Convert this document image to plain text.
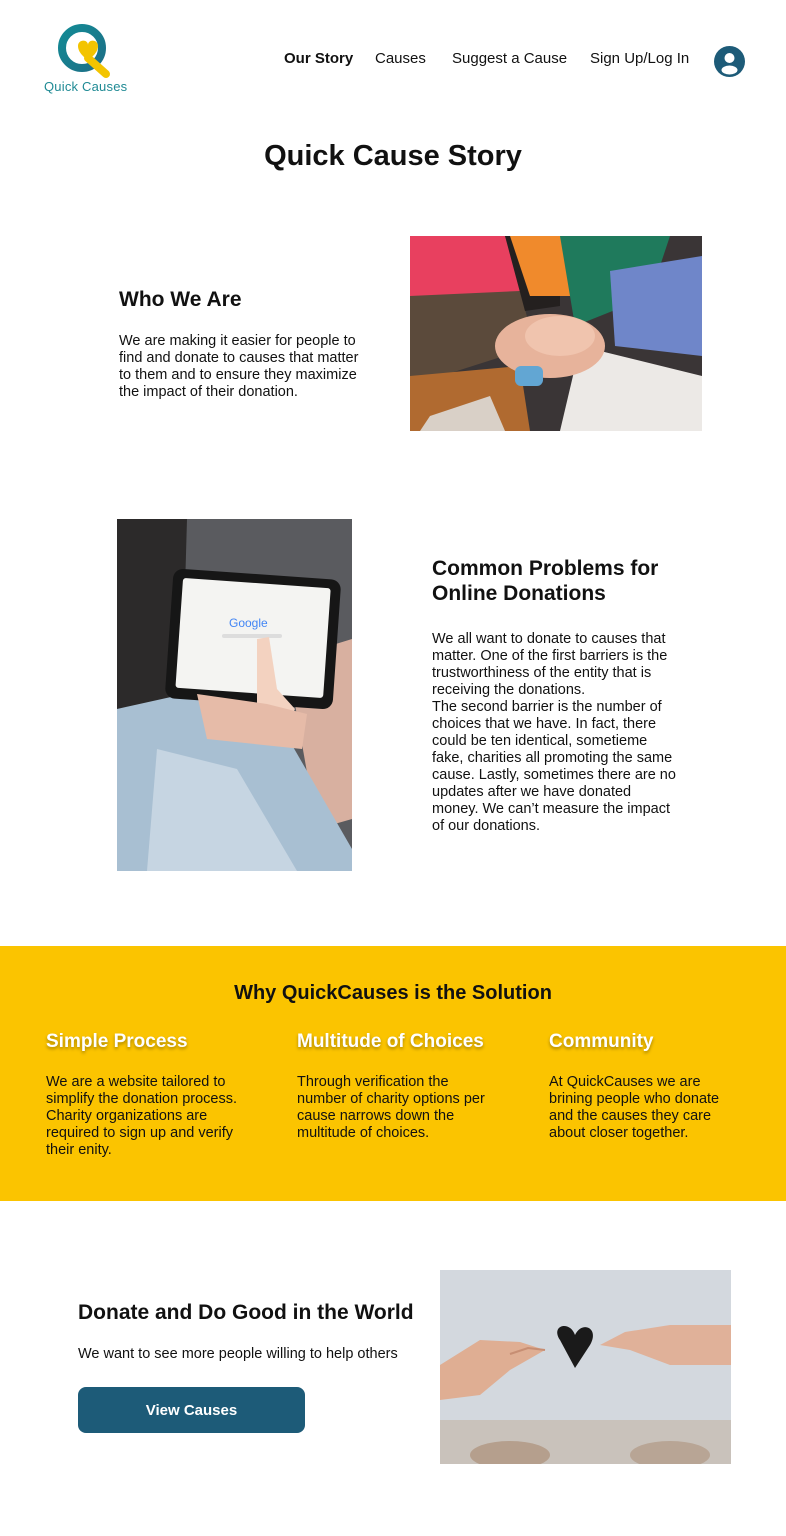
Quick Causes
Our Story Causes Suggest a Cause Sign Up/Log In
Quick Cause Story
Who We Are
We are making it easier for people to find and donate to causes that matter to them and to ensure they maximize the impact of their donation.
Google
Common Problems for Online Donations
We all want to donate to causes that matter. One of the first barriers is the trustworthiness of the entity that is receiving the donations.
The second barrier is the number of choices that we have. In fact, there could be ten identical, sometieme fake, charities all promoting the same cause. Lastly, sometimes there are no updates after we have donated money. We can’t measure the impact of our donations.
Why QuickCauses is the Solution
Simple Process
We are a website tailored to simplify the donation process. Charity organizations are required to sign up and verify their enity.
Multitude of Choices
Through verification the number of charity options per cause narrows down the multitude of choices.
Community
At QuickCauses we are brining people who donate and the causes they care about closer together.
Donate and Do Good in the World
We want to see more people willing to help others
View Causes
